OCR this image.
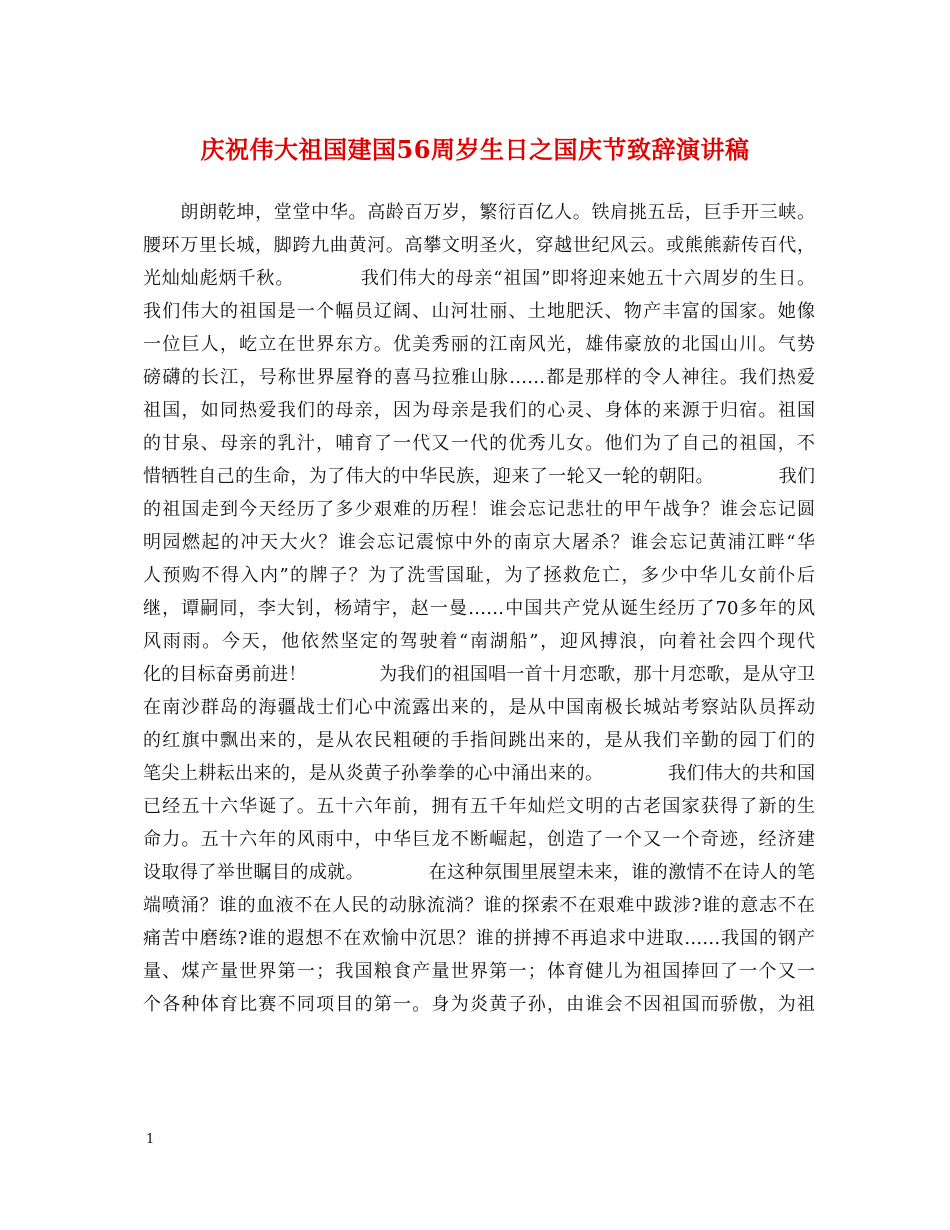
庆祝伟大祖国建国56周岁生日之国庆节致辞演讲稿
　　朗朗乾坤，堂堂中华。高龄百万岁，繁衍百亿人。铁肩挑五岳，巨手开三峡。
腰环万里长城，脚跨九曲黄河。高攀文明圣火，穿越世纪风云。或熊熊薪传百代，
光灿灿彪炳千秋。　　　　我们伟大的母亲“祖国”即将迎来她五十六周岁的生日。
我们伟大的祖国是一个幅员辽阔、山河壮丽、土地肥沃、物产丰富的国家。她像
一位巨人，屹立在世界东方。优美秀丽的江南风光，雄伟豪放的北国山川。气势
磅礴的长江，号称世界屋脊的喜马拉雅山脉……都是那样的令人神往。我们热爱
祖国，如同热爱我们的母亲，因为母亲是我们的心灵、身体的来源于归宿。祖国
的甘泉、母亲的乳汁，哺育了一代又一代的优秀儿女。他们为了自己的祖国，不
惜牺牲自己的生命，为了伟大的中华民族，迎来了一轮又一轮的朝阳。　　　　我们
的祖国走到今天经历了多少艰难的历程！谁会忘记悲壮的甲午战争？谁会忘记圆
明园燃起的冲天大火？谁会忘记震惊中外的南京大屠杀？谁会忘记黄浦江畔“华
人预购不得入内”的牌子？为了洗雪国耻，为了拯救危亡，多少中华儿女前仆后
继，谭嗣同，李大钊，杨靖宇，赵一曼……中国共产党从诞生经历了70多年的风
风雨雨。今天，他依然坚定的驾驶着“南湖船”，迎风搏浪，向着社会四个现代
化的目标奋勇前进！　　　　为我们的祖国唱一首十月恋歌，那十月恋歌，是从守卫
在南沙群岛的海疆战士们心中流露出来的，是从中国南极长城站考察站队员挥动
的红旗中飘出来的，是从农民粗硬的手指间跳出来的，是从我们辛勤的园丁们的
笔尖上耕耘出来的，是从炎黄子孙拳拳的心中涌出来的。　　　　我们伟大的共和国
已经五十六华诞了。五十六年前，拥有五千年灿烂文明的古老国家获得了新的生
命力。五十六年的风雨中，中华巨龙不断崛起，创造了一个又一个奇迹，经济建
设取得了举世瞩目的成就。　　　　在这种氛围里展望未来，谁的激情不在诗人的笔
端喷涌？谁的血液不在人民的动脉流淌？谁的探索不在艰难中跋涉?谁的意志不在
痛苦中磨练?谁的遐想不在欢愉中沉思？谁的拼搏不再追求中进取……我国的钢产
量、煤产量世界第一；我国粮食产量世界第一；体育健儿为祖国捧回了一个又一
个各种体育比赛不同项目的第一。身为炎黄子孙，由谁会不因祖国而骄傲，为祖
1
